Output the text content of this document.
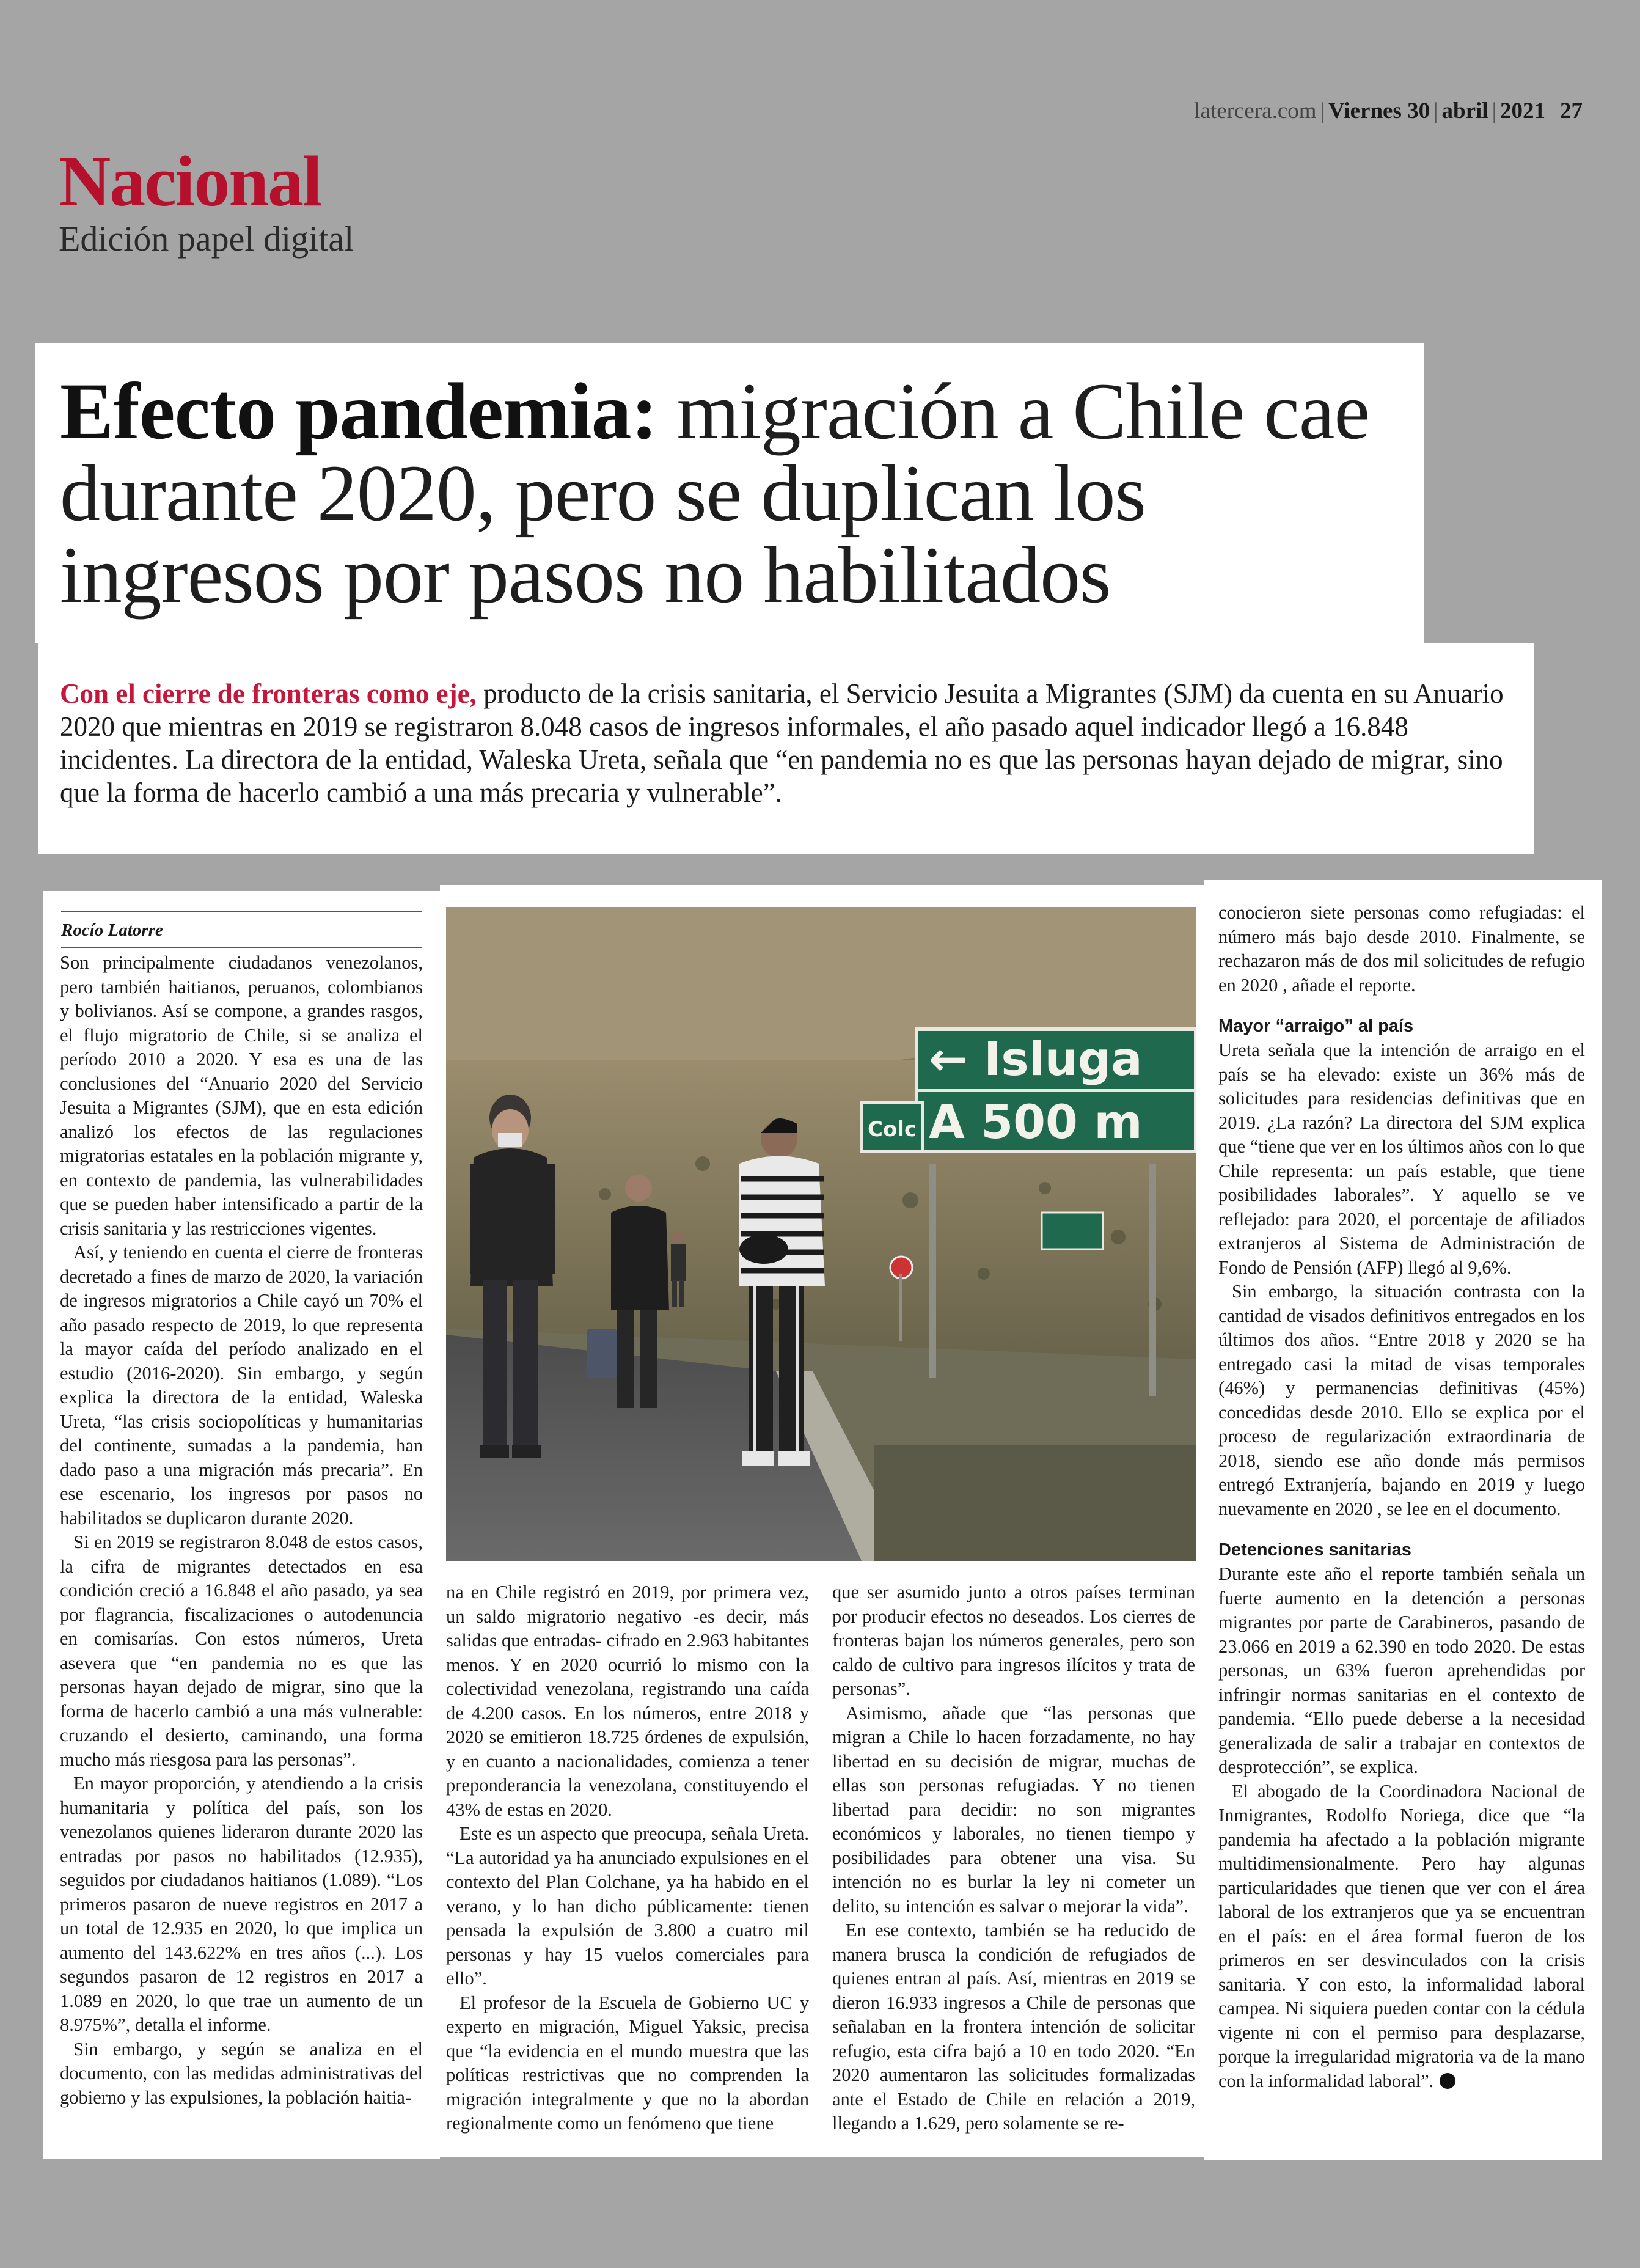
latercera.com | Viernes 30 | abril | 2021 27
Nacional
Edición papel digital
Efecto pandemia: migración a Chile cae durante 2020, pero se duplican los ingresos por pasos no habilitados
Con el cierre de fronteras como eje, producto de la crisis sanitaria, el Servicio Jesuita a Migrantes (SJM) da cuenta en su Anuario 2020 que mientras en 2019 se registraron 8.048 casos de ingresos informales, el año pasado aquel indicador llegó a 16.848 incidentes. La directora de la entidad, Waleska Ureta, señala que “en pandemia no es que las personas hayan dejado de migrar, sino que la forma de hacerlo cambió a una más precaria y vulnerable”.
← Isluga
A 500 m
Colc
Rocío Latorre

Son principalmente ciudadanos venezolanos, pero también haitianos, peruanos, colombianos y bolivianos. Así se compone, a grandes rasgos, el flujo migratorio de Chile, si se analiza el período 2010 a 2020. Y esa es una de las conclusiones del “Anuario 2020 del Servicio Jesuita a Migrantes (SJM), que en esta edición analizó los efectos de las regulaciones migratorias estatales en la población migrante y, en contexto de pandemia, las vulnerabilidades que se pueden haber intensificado a partir de la crisis sanitaria y las restricciones vigentes.

Así, y teniendo en cuenta el cierre de fronteras decretado a fines de marzo de 2020, la variación de ingresos migratorios a Chile cayó un 70% el año pasado respecto de 2019, lo que representa la mayor caída del período analizado en el estudio (2016-2020). Sin embargo, y según explica la directora de la entidad, Waleska Ureta, “las crisis sociopolíticas y humanitarias del continente, sumadas a la pandemia, han dado paso a una migración más precaria”. En ese escenario, los ingresos por pasos no habilitados se duplicaron durante 2020.

Si en 2019 se registraron 8.048 de estos casos, la cifra de migrantes detectados en esa condición creció a 16.848 el año pasado, ya sea por flagrancia, fiscalizaciones o autodenuncia en comisarías. Con estos números, Ureta asevera que “en pandemia no es que las personas hayan dejado de migrar, sino que la forma de hacerlo cambió a una más vulnerable: cruzando el desierto, caminando, una forma mucho más riesgosa para las personas”.

En mayor proporción, y atendiendo a la crisis humanitaria y política del país, son los venezolanos quienes lideraron durante 2020 las entradas por pasos no habilitados (12.935), seguidos por ciudadanos haitianos (1.089). “Los primeros pasaron de nueve registros en 2017 a un total de 12.935 en 2020, lo que implica un aumento del 143.622% en tres años (...). Los segundos pasaron de 12 registros en 2017 a 1.089 en 2020, lo que trae un aumento de un 8.975%”, detalla el informe.

Sin embargo, y según se analiza en el documento, con las medidas administrativas del gobierno y las expulsiones, la población haitia-

na en Chile registró en 2019, por primera vez, un saldo migratorio negativo -es decir, más salidas que entradas- cifrado en 2.963 habitantes menos. Y en 2020 ocurrió lo mismo con la colectividad venezolana, registrando una caída de 4.200 casos. En los números, entre 2018 y 2020 se emitieron 18.725 órdenes de expulsión, y en cuanto a nacionalidades, comienza a tener preponderancia la venezolana, constituyendo el 43% de estas en 2020.

Este es un aspecto que preocupa, señala Ureta. “La autoridad ya ha anunciado expulsiones en el contexto del Plan Colchane, ya ha habido en el verano, y lo han dicho públicamente: tienen pensada la expulsión de 3.800 a cuatro mil personas y hay 15 vuelos comerciales para ello”.

El profesor de la Escuela de Gobierno UC y experto en migración, Miguel Yaksic, precisa que “la evidencia en el mundo muestra que las políticas restrictivas que no comprenden la migración integralmente y que no la abordan regionalmente como un fenómeno que tiene

que ser asumido junto a otros países terminan por producir efectos no deseados. Los cierres de fronteras bajan los números generales, pero son caldo de cultivo para ingresos ilícitos y trata de personas”.

Asimismo, añade que “las personas que migran a Chile lo hacen forzadamente, no hay libertad en su decisión de migrar, muchas de ellas son personas refugiadas. Y no tienen libertad para decidir: no son migrantes económicos y laborales, no tienen tiempo y posibilidades para obtener una visa. Su intención no es burlar la ley ni cometer un delito, su intención es salvar o mejorar la vida”.

En ese contexto, también se ha reducido de manera brusca la condición de refugiados de quienes entran al país. Así, mientras en 2019 se dieron 16.933 ingresos a Chile de personas que señalaban en la frontera intención de solicitar refugio, esta cifra bajó a 10 en todo 2020. “En 2020 aumentaron las solicitudes formalizadas ante el Estado de Chile en relación a 2019, llegando a 1.629, pero solamente se re-

conocieron siete personas como refugiadas: el número más bajo desde 2010. Finalmente, se rechazaron más de dos mil solicitudes de refugio en 2020 , añade el reporte.

Mayor “arraigo” al país

Ureta señala que la intención de arraigo en el país se ha elevado: existe un 36% más de solicitudes para residencias definitivas que en 2019. ¿La razón? La directora del SJM explica que “tiene que ver en los últimos años con lo que Chile representa: un país estable, que tiene posibilidades laborales”. Y aquello se ve reflejado: para 2020, el porcentaje de afiliados extranjeros al Sistema de Administración de Fondo de Pensión (AFP) llegó al 9,6%.

Sin embargo, la situación contrasta con la cantidad de visados definitivos entregados en los últimos dos años. “Entre 2018 y 2020 se ha entregado casi la mitad de visas temporales (46%) y permanencias definitivas (45%) concedidas desde 2010. Ello se explica por el proceso de regularización extraordinaria de 2018, siendo ese año donde más permisos entregó Extranjería, bajando en 2019 y luego nuevamente en 2020 , se lee en el documento.

Detenciones sanitarias

Durante este año el reporte también señala un fuerte aumento en la detención a personas migrantes por parte de Carabineros, pasando de 23.066 en 2019 a 62.390 en todo 2020. De estas personas, un 63% fueron aprehendidas por infringir normas sanitarias en el contexto de pandemia. “Ello puede deberse a la necesidad generalizada de salir a trabajar en contextos de desprotección”, se explica.

El abogado de la Coordinadora Nacional de Inmigrantes, Rodolfo Noriega, dice que “la pandemia ha afectado a la población migrante multidimensionalmente. Pero hay algunas particularidades que tienen que ver con el área laboral de los extranjeros que ya se encuentran en el país: en el área formal fueron de los primeros en ser desvinculados con la crisis sanitaria. Y con esto, la informalidad laboral campea. Ni siquiera pueden contar con la cédula vigente ni con el permiso para desplazarse, porque la irregularidad migratoria va de la mano con la informalidad laboral”.
